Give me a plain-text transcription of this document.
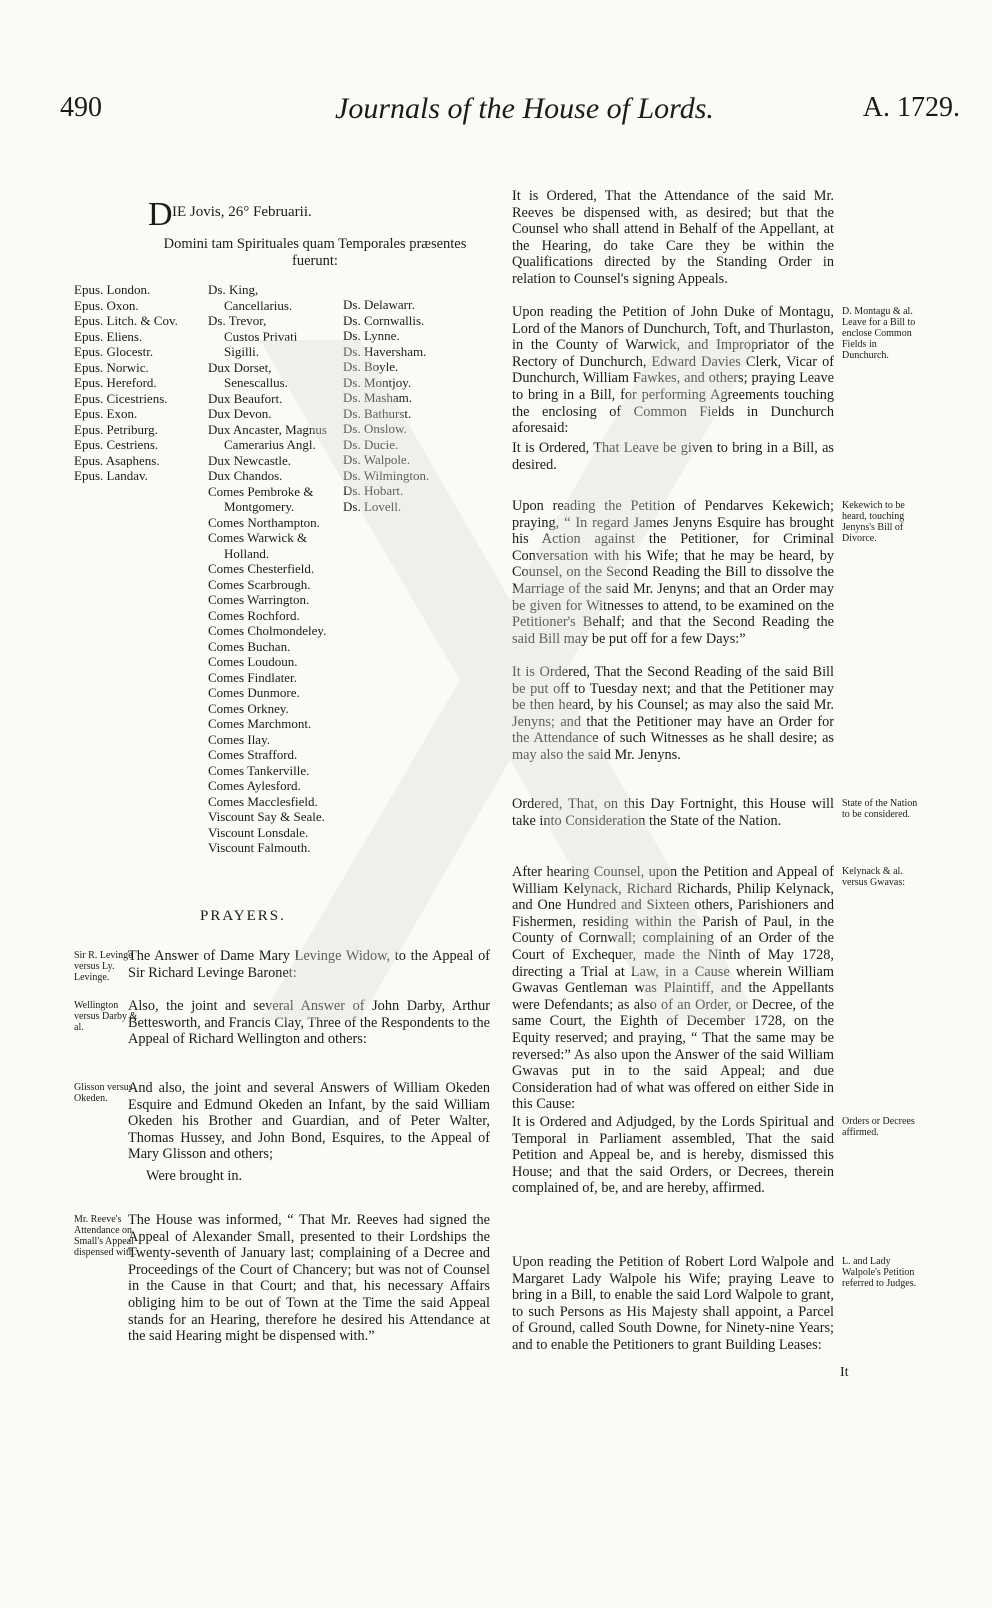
490	Journals of the House of Lords.	A. 1729.
D IE Jovis, 26° Februarii.
Domini tam Spirituales quam Temporales præsentes fuerunt:
Epus. London.
Epus. Oxon.
Epus. Litch. & Cov.
Epus. Eliens.
Epus. Glocestr.
Epus. Norwic.
Epus. Hereford.
Epus. Cicestriens.
Epus. Exon.
Epus. Petriburg.
Epus. Cestriens.
Epus. Asaphens.
Epus. Landav.
Ds. King,
Cancellarius.
Ds. Trevor,
Custos Privati
Sigilli.
Dux Dorset,
Senescallus.
Dux Beaufort.
Dux Devon.
Dux Ancaster, Magnus
Camerarius Angl.
Dux Newcastle.
Dux Chandos.
Comes Pembroke &
Montgomery.
Comes Northampton.
Comes Warwick &
Holland.
Comes Chesterfield.
Comes Scarbrough.
Comes Warrington.
Comes Rochford.
Comes Cholmondeley.
Comes Buchan.
Comes Loudoun.
Comes Findlater.
Comes Dunmore.
Comes Orkney.
Comes Marchmont.
Comes Ilay.
Comes Strafford.
Comes Tankerville.
Comes Aylesford.
Comes Macclesfield.
Viscount Say & Seale.
Viscount Lonsdale.
Viscount Falmouth.
Ds. Delawarr.
Ds. Cornwallis.
Ds. Lynne.
Ds. Haversham.
Ds. Boyle.
Ds. Montjoy.
Ds. Masham.
Ds. Bathurst.
Ds. Onslow.
Ds. Ducie.
Ds. Walpole.
Ds. Wilmington.
Ds. Hobart.
Ds. Lovell.
PRAYERS.
Sir R. Levinge versus Ly. Levinge.
The Answer of Dame Mary Levinge Widow, to the Appeal of Sir Richard Levinge Baronet:
Wellington versus Darby & al.
Also, the joint and several Answer of John Darby, Arthur Bettesworth, and Francis Clay, Three of the Respondents to the Appeal of Richard Wellington and others:
Glisson versus Okeden.
And also, the joint and several Answers of William Okeden Esquire and Edmund Okeden an Infant, by the said William Okeden his Brother and Guardian, and of Peter Walter, Thomas Hussey, and John Bond, Esquires, to the Appeal of Mary Glisson and others;
Were brought in.
Mr. Reeve's Attendance on Small's Appeal dispensed with.
The House was informed, “ That Mr. Reeves had signed the Appeal of Alexander Small, presented to their Lordships the Twenty-seventh of January last; complaining of a Decree and Proceedings of the Court of Chancery; but was not of Counsel in the Cause in that Court; and that, his necessary Affairs obliging him to be out of Town at the Time the said Appeal stands for an Hearing, therefore he desired his Attendance at the said Hearing might be dispensed with.”
It is Ordered, That the Attendance of the said Mr. Reeves be dispensed with, as desired; but that the Counsel who shall attend in Behalf of the Appellant, at the Hearing, do take Care they be within the Qualifications directed by the Standing Order in relation to Counsel's signing Appeals.
D. Montagu & al. Leave for a Bill to enclose Common Fields in Dunchurch.
Upon reading the Petition of John Duke of Montagu, Lord of the Manors of Dunchurch, Toft, and Thurlaston, in the County of Warwick, and Impropriator of the Rectory of Dunchurch, Edward Davies Clerk, Vicar of Dunchurch, William Fawkes, and others; praying Leave to bring in a Bill, for performing Agreements touching the enclosing of Common Fields in Dunchurch aforesaid:
It is Ordered, That Leave be given to bring in a Bill, as desired.
Kekewich to be heard, touching Jenyns's Bill of Divorce.
Upon reading the Petition of Pendarves Kekewich; praying, “ In regard James Jenyns Esquire has brought his Action against the Petitioner, for Criminal Conversation with his Wife; that he may be heard, by Counsel, on the Second Reading the Bill to dissolve the Marriage of the said Mr. Jenyns; and that an Order may be given for Witnesses to attend, to be examined on the Petitioner's Behalf; and that the Second Reading the said Bill may be put off for a few Days:”
It is Ordered, That the Second Reading of the said Bill be put off to Tuesday next; and that the Petitioner may be then heard, by his Counsel; as may also the said Mr. Jenyns; and that the Petitioner may have an Order for the Attendance of such Witnesses as he shall desire; as may also the said Mr. Jenyns.
State of the Nation to be considered.
Ordered, That, on this Day Fortnight, this House will take into Consideration the State of the Nation.
Kelynack & al. versus Gwavas:
After hearing Counsel, upon the Petition and Appeal of William Kelynack, Richard Richards, Philip Kelynack, and One Hundred and Sixteen others, Parishioners and Fishermen, residing within the Parish of Paul, in the County of Cornwall; complaining of an Order of the Court of Exchequer, made the Ninth of May 1728, directing a Trial at Law, in a Cause wherein William Gwavas Gentleman was Plaintiff, and the Appellants were Defendants; as also of an Order, or Decree, of the same Court, the Eighth of December 1728, on the Equity reserved; and praying, “ That the same may be reversed:” As also upon the Answer of the said William Gwavas put in to the said Appeal; and due Consideration had of what was offered on either Side in this Cause:
Orders or Decrees affirmed.
It is Ordered and Adjudged, by the Lords Spiritual and Temporal in Parliament assembled, That the said Petition and Appeal be, and is hereby, dismissed this House; and that the said Orders, or Decrees, therein complained of, be, and are hereby, affirmed.
L. and Lady Walpole's Petition referred to Judges.
Upon reading the Petition of Robert Lord Walpole and Margaret Lady Walpole his Wife; praying Leave to bring in a Bill, to enable the said Lord Walpole to grant, to such Persons as His Majesty shall appoint, a Parcel of Ground, called South Downe, for Ninety-nine Years; and to enable the Petitioners to grant Building Leases:
It
